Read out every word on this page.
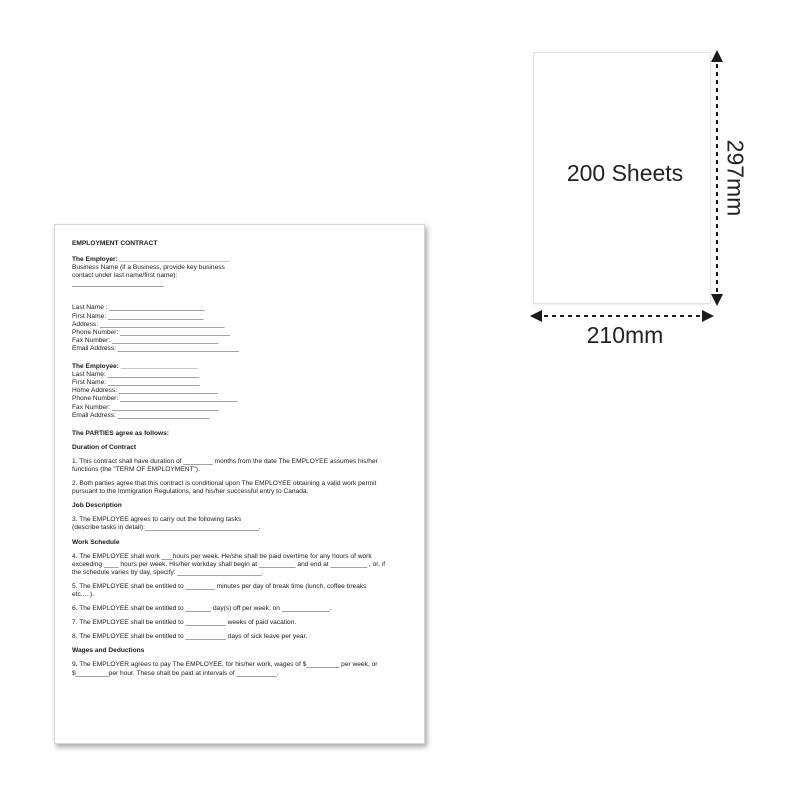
EMPLOYMENT CONTRACT
The Employer: ______________________________
Business Name (if a Business, provide key business
contact under last name/first name):
_________________________
Last Name : __________________________
First Name: __________________________
Address: __________________________________
Phone Number: ______________________________
Fax Number: _____________________________
Email Address: _________________________________
The Employee: _____________________
Last Name: _________________________
First Name: _________________________
Home Address: ___________________________
Phone Number: ________________________________
Fax Number: _____________________________
Email Address: _________________________
The PARTIES agree as follows:
Duration of Contract
1. This contract shall have duration of ________ months from the date The EMPLOYEE assumes his/her
functions (the "TERM OF EMPLOYMENT").
2. Both parties agree that this contract is conditional upon The EMPLOYEE obtaining a valid work permit
pursuant to the Immigration Regulations, and his/her successful entry to Canada.
Job Description
3. The EMPLOYEE agrees to carry out the following tasks
(describe tasks in detail):_______________________________.
Work Schedule
4. The EMPLOYEE shall work ___hours per week. He/she shall be paid overtime for any hours of work
exceeding ____ hours per week. His/her workday shall begin at __________ and end at __________ , or, if
the schedule varies by day, specify: _______________________.
5. The EMPLOYEE shall be entitled to ________ minutes per day of break time (lunch, coffee breaks
etc.....).
6. The EMPLOYEE shall be entitled to _______ day(s) off per week, on _____________.
7. The EMPLOYEE shall be entitled to ___________ weeks of paid vacation.
8. The EMPLOYEE shall be entitled to ___________ days of sick leave per year.
Wages and Deductions
9. The EMPLOYER agrees to pay The EMPLOYEE, for his/her work, wages of $_________ per week, or
$_________per hour. These shall be paid at intervals of ___________.
200 Sheets
210mm
297mm
